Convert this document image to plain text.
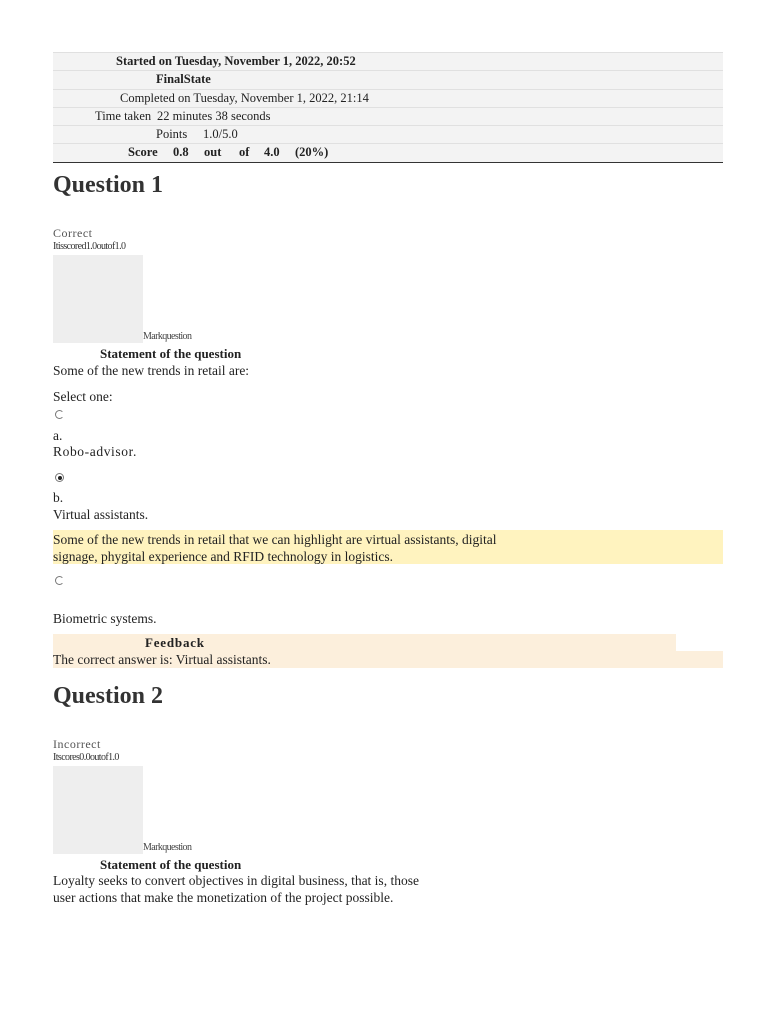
Started on Tuesday, November 1, 2022, 20:52
FinalState
Completed on Tuesday, November 1, 2022, 21:14
Time taken 22 minutes 38 seconds
Points 1.0/5.0
Score 0.8 out of 4.0 (20%)
Question 1
Correct
Itisscored1.0outof1.0
Markquestion
Statement of the question
Some of the new trends in retail are:
Select one:
a.
Robo-advisor.
b.
Virtual assistants.
Some of the new trends in retail that we can highlight are virtual assistants, digital
signage, phygital experience and RFID technology in logistics.
Biometric systems.
Feedback
The correct answer is: Virtual assistants.
Question 2
Incorrect
Itscores0.0outof1.0
Markquestion
Statement of the question
Loyalty seeks to convert objectives in digital business, that is, those
user actions that make the monetization of the project possible.
